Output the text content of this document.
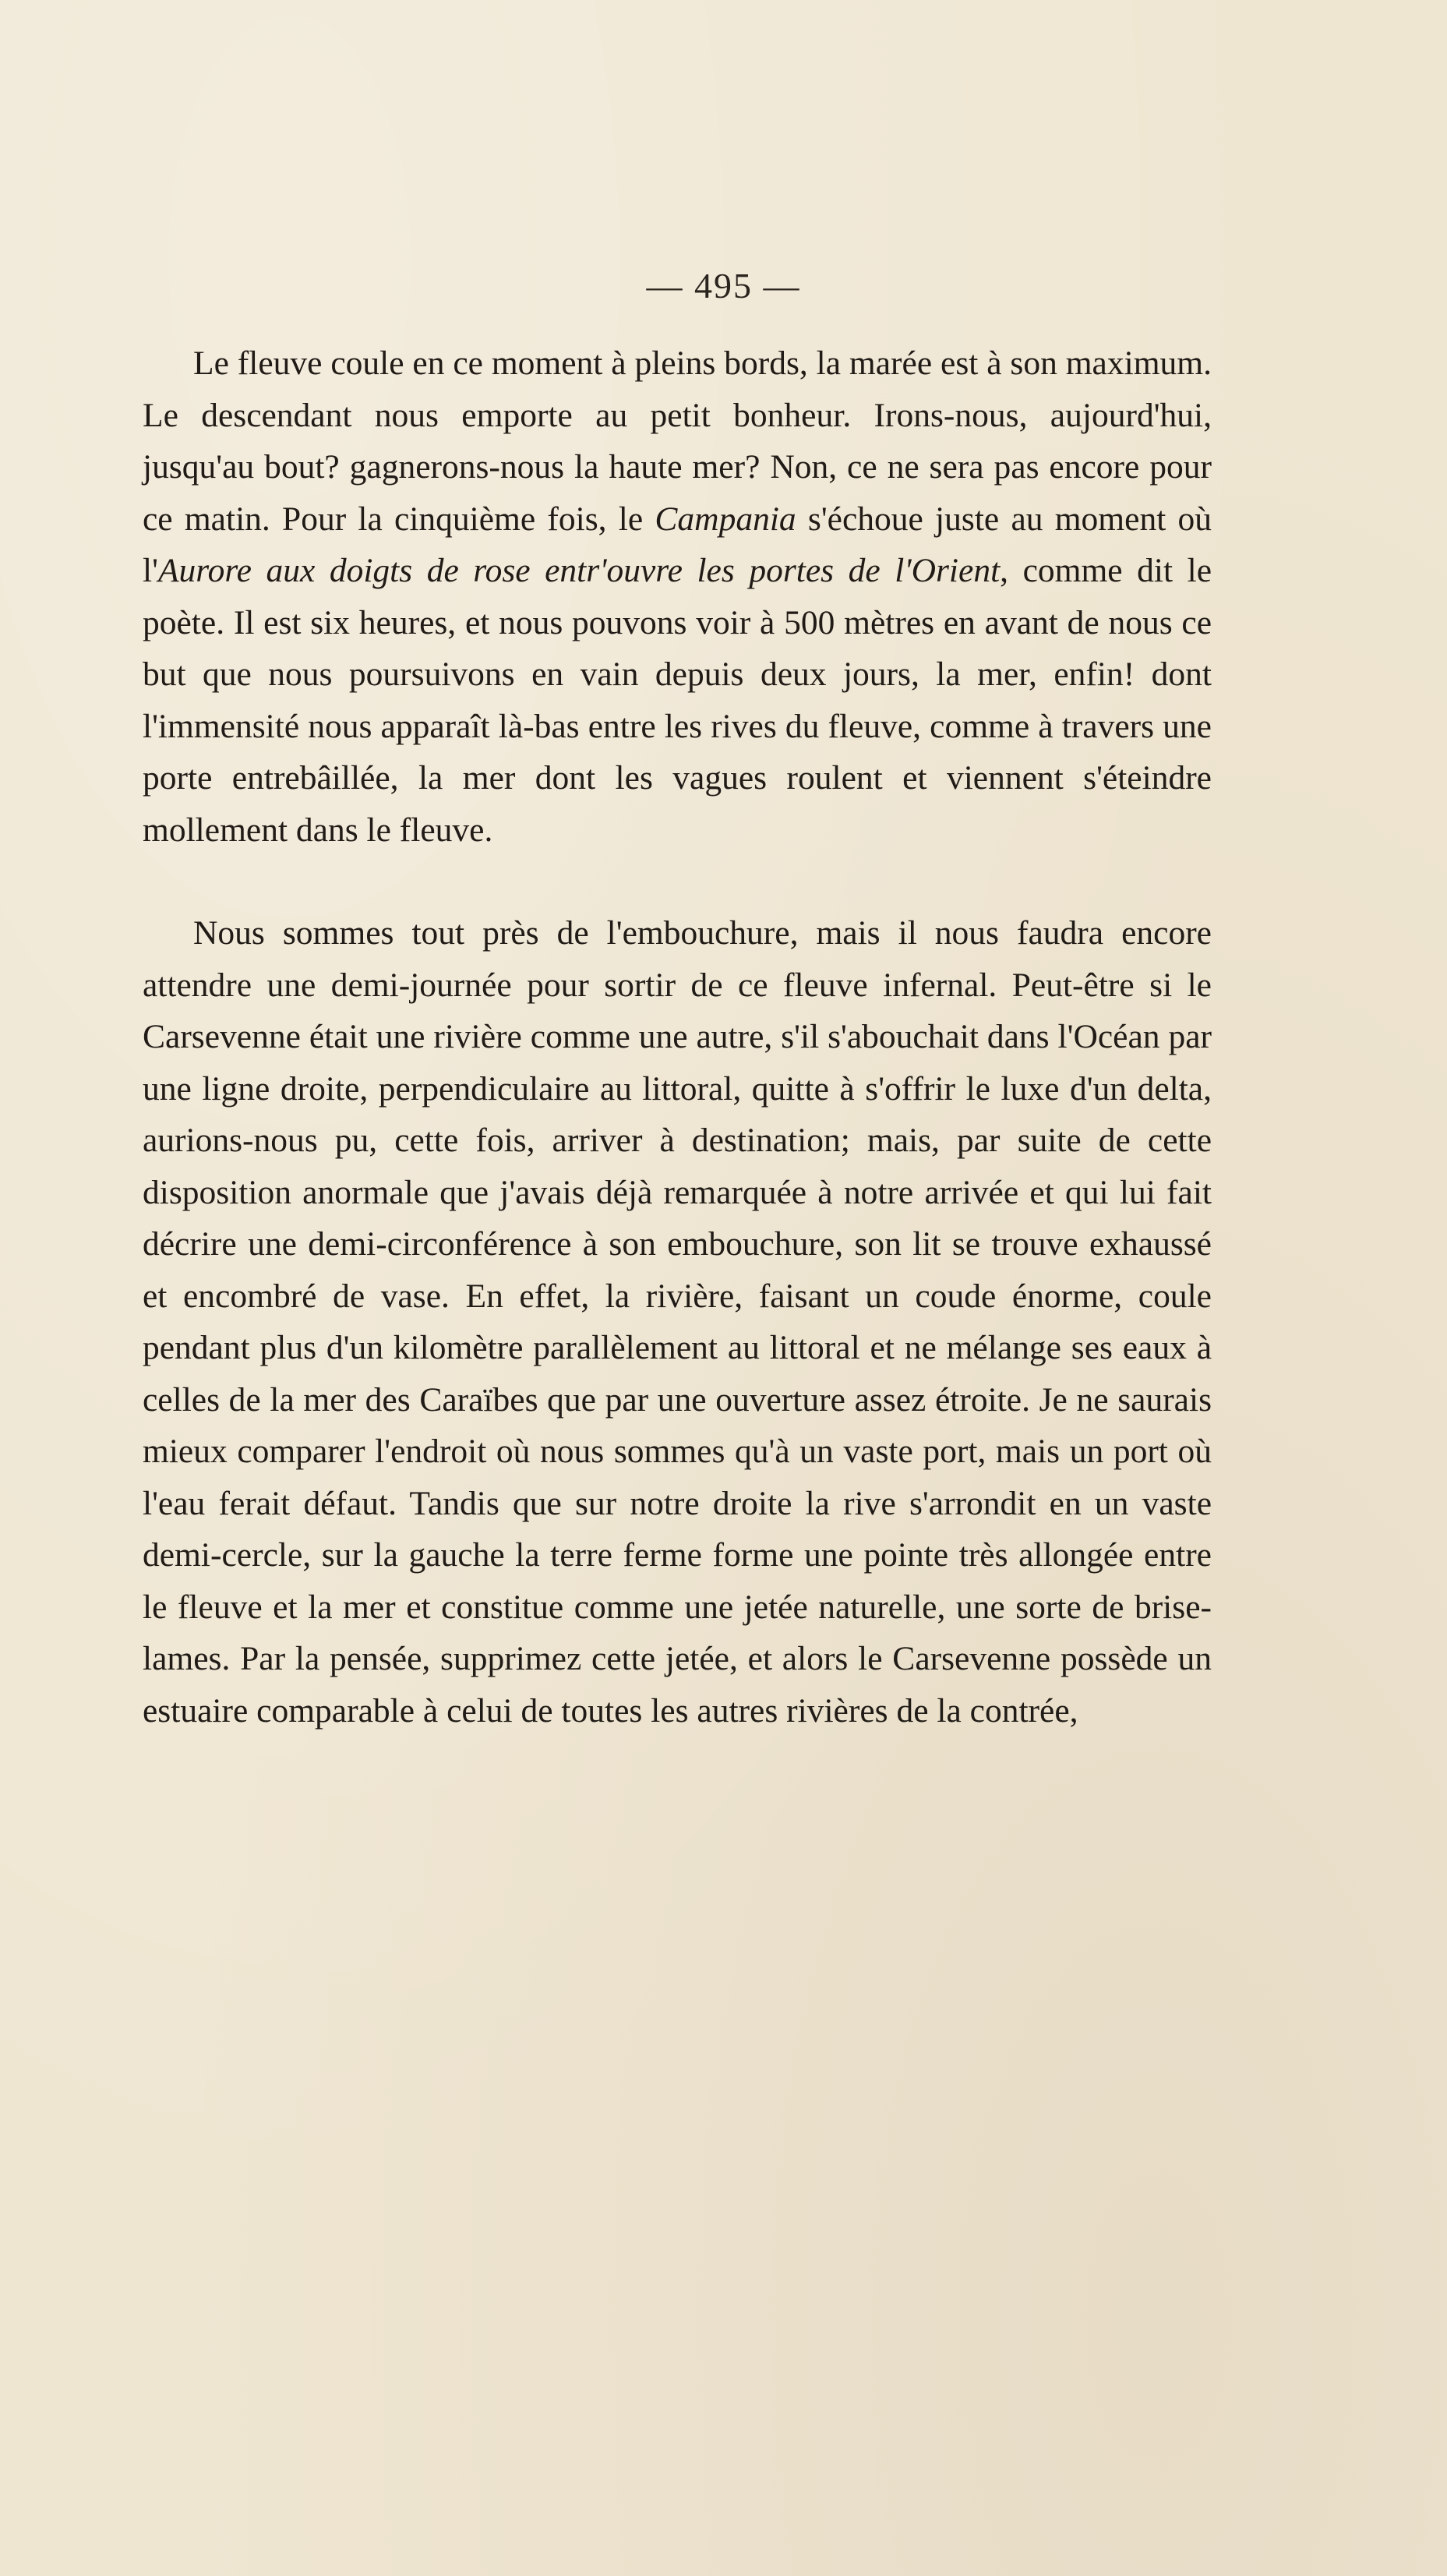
— 495 —

Le fleuve coule en ce moment à pleins bords, la marée est à son maximum. Le descendant nous emporte au petit bonheur. Irons-nous, aujourd'hui, jusqu'au bout? gagnerons-nous la haute mer? Non, ce ne sera pas encore pour ce matin. Pour la cinquième fois, le Campania s'échoue juste au moment où l'Aurore aux doigts de rose entr'ouvre les portes de l'Orient, comme dit le poète. Il est six heures, et nous pouvons voir à 500 mètres en avant de nous ce but que nous poursuivons en vain depuis deux jours, la mer, enfin! dont l'immensité nous apparaît là-bas entre les rives du fleuve, comme à travers une porte entrebâillée, la mer dont les vagues roulent et viennent s'éteindre mollement dans le fleuve.

Nous sommes tout près de l'embouchure, mais il nous faudra encore attendre une demi-journée pour sortir de ce fleuve infernal. Peut-être si le Carsevenne était une rivière comme une autre, s'il s'abouchait dans l'Océan par une ligne droite, perpendiculaire au littoral, quitte à s'offrir le luxe d'un delta, aurions-nous pu, cette fois, arriver à destination; mais, par suite de cette disposition anormale que j'avais déjà remarquée à notre arrivée et qui lui fait décrire une demi-circonférence à son embouchure, son lit se trouve exhaussé et encombré de vase. En effet, la rivière, faisant un coude énorme, coule pendant plus d'un kilomètre parallèlement au littoral et ne mélange ses eaux à celles de la mer des Caraïbes que par une ouverture assez étroite. Je ne saurais mieux comparer l'endroit où nous sommes qu'à un vaste port, mais un port où l'eau ferait défaut. Tandis que sur notre droite la rive s'arrondit en un vaste demi-cercle, sur la gauche la terre ferme forme une pointe très allongée entre le fleuve et la mer et constitue comme une jetée naturelle, une sorte de brise-lames. Par la pensée, supprimez cette jetée, et alors le Carsevenne possède un estuaire comparable à celui de toutes les autres rivières de la contrée,
